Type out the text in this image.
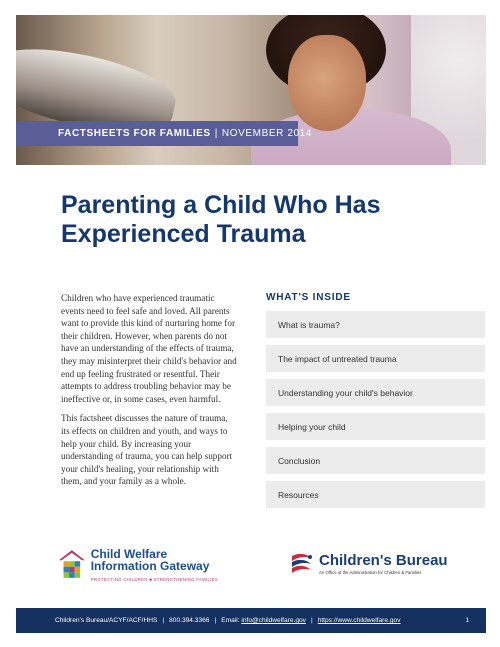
FACTSHEETS FOR FAMILIES | NOVEMBER 2014
Parenting a Child Who Has Experienced Trauma

Children who have experienced traumatic events need to feel safe and loved. All parents want to provide this kind of nurturing home for their children. However, when parents do not have an understanding of the effects of trauma, they may misinterpret their child's behavior and end up feeling frustrated or resentful. Their attempts to address troubling behavior may be ineffective or, in some cases, even harmful.

This factsheet discusses the nature of trauma, its effects on children and youth, and ways to help your child. By increasing your understanding of trauma, you can help support your child's healing, your relationship with them, and your family as a whole.

WHAT'S INSIDE
What is trauma?
The impact of untreated trauma
Understanding your child's behavior
Helping your child
Conclusion
Resources
Child Welfare
Information Gateway
PROTECTING CHILDREN ■ STRENGTHENING FAMILIES
Children's Bureau
An Office of the Administration for Children & Families
Children's Bureau/ACYF/ACF/HHS | 800.394.3366 | Email:
info@childwelfare.gov | https://www.childwelfare.gov	1
